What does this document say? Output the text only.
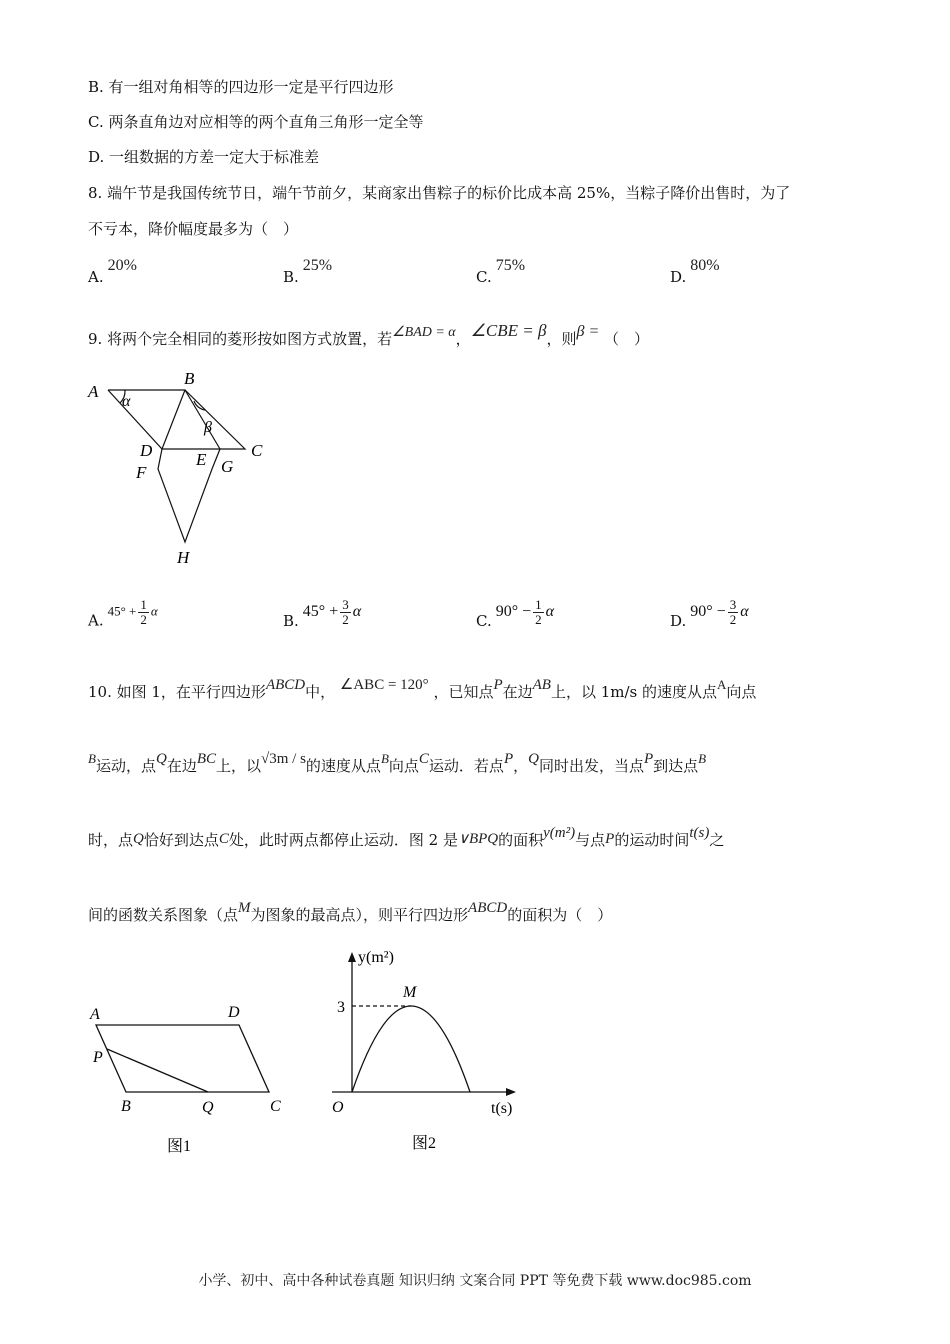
B. 有一组对角相等的四边形一定是平行四边形
C. 两条直角边对应相等的两个直角三角形一定全等
D. 一组数据的方差一定大于标准差
8. 端午节是我国传统节日，端午节前夕，某商家出售粽子的标价比成本高 25%，当粽子降价出售时，为了
不亏本，降价幅度最多为（　）
A.20%
B.25%
C.75%
D.80%
9. 将两个完全相同的菱形按如图方式放置，若∠BAD = α，∠CBE = β，则β = （　）
A
B
C
D	E
F	G
H
α
β
$A.45^\circ + \frac{1}{2}$ α
$B.45^\circ + \frac{3}{2}$ α
$C.90^\circ - \frac{1}{2}$ α
$D.90^\circ - \frac{3}{2}$ α
10. 如图 1，在平行四边形ABCD中， ∠ABC = 120° ，已知点P在边AB上，以 1m/s 的速度从点A向点
B运动，点Q在边BC上，以√3m / s的速度从点B向点C运动．若点P，Q同时出发，当点P到达点B
时，点Q恰好到达点C处，此时两点都停止运动．图 2 是∨BPQ的面积y(m²)与点P的运动时间t(s)之
间的函数关系图象（点M为图象的最高点），则平行四边形ABCD的面积为（　）
A	D
P
B	Q	C
图1
y(m²)
t(s)
O
3
M
图2
小学、初中、高中各种试卷真题 知识归纳 文案合同 PPT 等免费下载 www.doc985.com
